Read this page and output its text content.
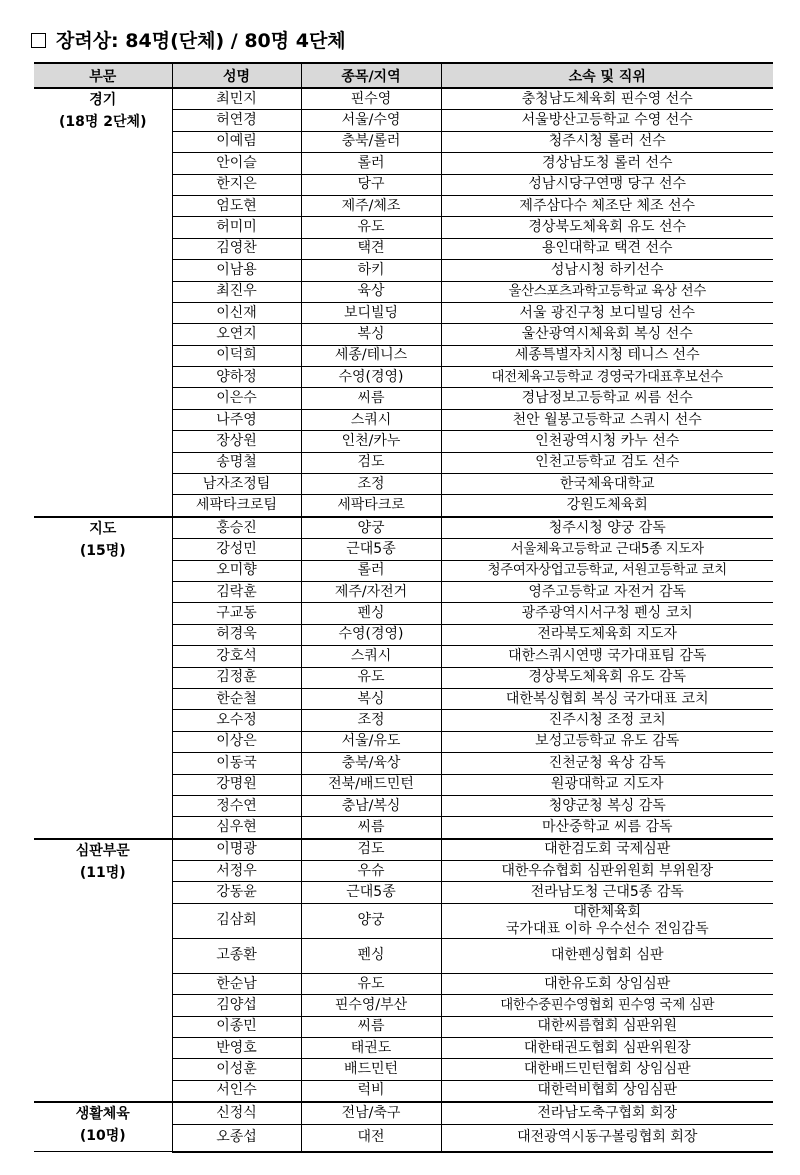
장려상: 84명(단체) / 80명 4단체
부문	성명	종목/지역	소속 및 직위

경기
(18명 2단체)	최민지	핀수영	충청남도체육회 핀수영 선수

	허연경	서울/수영	서울방산고등학교 수영 선수

	이예림	충북/롤러	청주시청 롤러 선수

	안이슬	롤러	경상남도청 롤러 선수

	한지은	당구	성남시당구연맹 당구 선수

	엄도현	제주/체조	제주삼다수 체조단 체조 선수

	허미미	유도	경상북도체육회 유도 선수

	김영찬	택견	용인대학교 택견 선수

	이남용	하키	성남시청 하키선수

	최진우	육상	울산스포츠과학고등학교 육상 선수

	이신재	보디빌딩	서울 광진구청 보디빌딩 선수

	오연지	복싱	울산광역시체육회 복싱 선수

	이덕희	세종/테니스	세종특별자치시청 테니스 선수

	양하정	수영(경영)	대전체육고등학교 경영국가대표후보선수

	이은수	씨름	경남정보고등학교 씨름 선수

	나주영	스쿼시	천안 월봉고등학교 스쿼시 선수

	장상원	인천/카누	인천광역시청 카누 선수

	송명철	검도	인천고등학교 검도 선수

	남자조정팀	조정	한국체육대학교

	세팍타크로팀	세팍타크로	강원도체육회

지도
(15명)	홍승진	양궁	청주시청 양궁 감독

	강성민	근대5종	서울체육고등학교 근대5종 지도자

	오미향	롤러	청주여자상업고등학교, 서원고등학교 코치

	김락훈	제주/자전거	영주고등학교 자전거 감독

	구교동	펜싱	광주광역시서구청 펜싱 코치

	허경욱	수영(경영)	전라북도체육회 지도자

	강호석	스쿼시	대한스쿼시연맹 국가대표팀 감독

	김정훈	유도	경상북도체육회 유도 감독

	한순철	복싱	대한복싱협회 복싱 국가대표 코치

	오수정	조정	진주시청 조정 코치

	이상은	서울/유도	보성고등학교 유도 감독

	이동국	충북/육상	진천군청 육상 감독

	강명원	전북/배드민턴	원광대학교 지도자

	정수연	충남/복싱	청양군청 복싱 감독

	심우현	씨름	마산중학교 씨름 감독

심판부문
(11명)	이명광	검도	대한검도회 국제심판

	서정우	우슈	대한우슈협회 심판위원회 부위원장

	강동윤	근대5종	전라남도청 근대5종 감독

	김삼회	양궁	대한체육회
국가대표 이하 우수선수 전임감독

	고종환	펜싱	대한펜싱협회 심판

	한순남	유도	대한유도회 상임심판

	김양섭	핀수영/부산	대한수중핀수영협회 핀수영 국제 심판

	이종민	씨름	대한씨름협회 심판위원

	반영호	태권도	대한태권도협회 심판위원장

	이성훈	배드민턴	대한배드민턴협회 상임심판

	서인수	럭비	대한럭비협회 상임심판

생활체육
(10명)	신정식	전남/축구	전라남도축구협회 회장

	오종섭	대전	대전광역시동구볼링협회 회장
